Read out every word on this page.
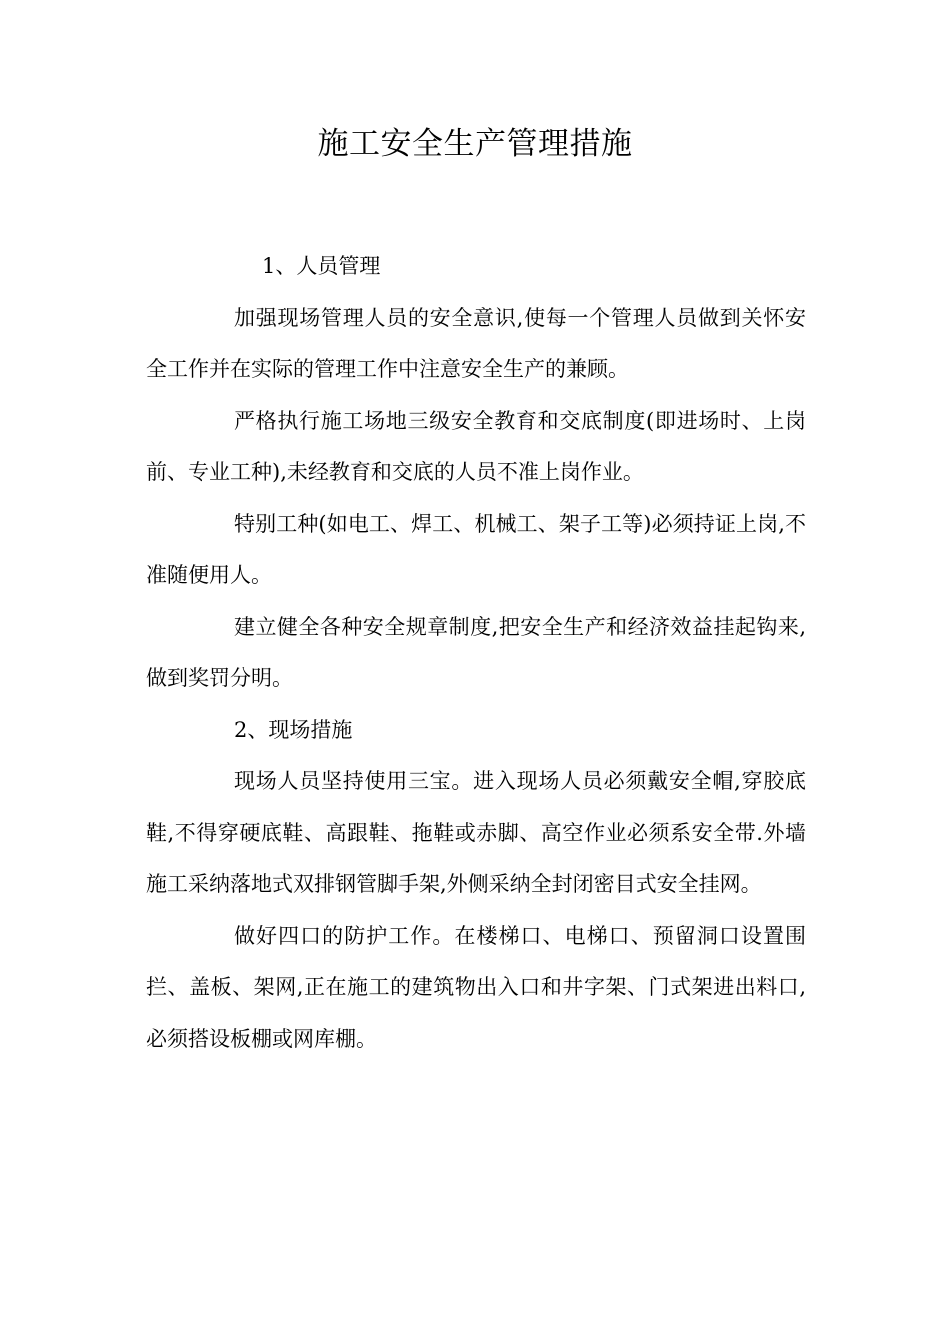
施工安全生产管理措施

1、人员管理

加强现场管理人员的安全意识,使每一个管理人员做到关怀安全工作并在实际的管理工作中注意安全生产的兼顾。

严格执行施工场地三级安全教育和交底制度(即进场时、上岗前、专业工种),未经教育和交底的人员不准上岗作业。

特别工种(如电工、焊工、机械工、架子工等)必须持证上岗,不准随便用人。

建立健全各种安全规章制度,把安全生产和经济效益挂起钩来,做到奖罚分明。

2、现场措施

现场人员坚持使用三宝。进入现场人员必须戴安全帽,穿胶底鞋,不得穿硬底鞋、高跟鞋、拖鞋或赤脚、高空作业必须系安全带.外墙施工采纳落地式双排钢管脚手架,外侧采纳全封闭密目式安全挂网。

做好四口的防护工作。在楼梯口、电梯口、预留洞口设置围拦、盖板、架网,正在施工的建筑物出入口和井字架、门式架进出料口,必须搭设板棚或网库棚。
